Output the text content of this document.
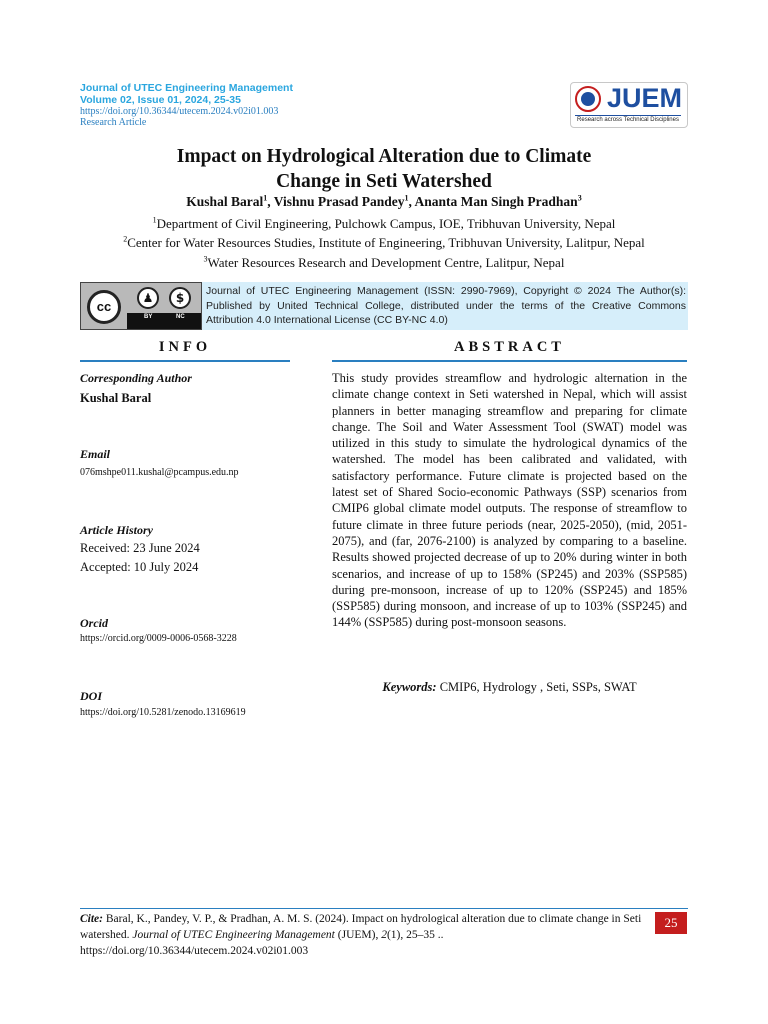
Journal of UTEC Engineering Management
Volume 02, Issue 01, 2024, 25-35
https://doi.org/10.36344/utecem.2024.v02i01.003
Research Article
JUEM
Research across Technical Disciplines
Impact on Hydrological Alteration due to Climate
Change in Seti Watershed
Kushal Baral$^1$, Vishnu Prasad Pandey$^1$, Ananta Man Singh Pradhan$^3$
$^1$Department of Civil Engineering, Pulchowk Campus, IOE, Tribhuvan University, Nepal
$^2$Center for Water Resources Studies, Institute of Engineering, Tribhuvan University, Lalitpur, Nepal
$^3$Water Resources Research and Development Centre, Lalitpur, Nepal
cc
♟	$
BY	NC
Journal of UTEC Engineering Management (ISSN: 2990-7969), Copyright © 2024 The Author(s): Published by United Technical College, distributed under the terms of the Creative Commons Attribution 4.0 International License (CC BY-NC 4.0)
INFO	ABSTRACT
Corresponding Author
Kushal Baral
Email
076mshpe011.kushal@pcampus.edu.np
Article History
Received: 23 June 2024
Accepted: 10 July 2024
Orcid
https://orcid.org/0009-0006-0568-3228
DOI
https://doi.org/10.5281/zenodo.13169619

This study provides streamflow and hydrologic alternation in the climate change context in Seti watershed in Nepal, which will assist planners in better managing streamflow and preparing for climate change. The Soil and Water Assessment Tool (SWAT) model was utilized in this study to simulate the hydrological dynamics of the watershed. The model has been calibrated and validated, with satisfactory performance. Future climate is projected based on the latest set of Shared Socio-economic Pathways (SSP) scenarios from CMIP6 global climate model outputs. The response of streamflow to future climate in three future periods (near, 2025-2050), (mid, 2051-2075), and (far, 2076-2100) is analyzed by comparing to a baseline. Results showed projected decrease of up to 20% during winter in both scenarios, and increase of up to 158% (SP245) and 203% (SSP585) during pre-monsoon, increase of up to 120% (SSP245) and 185% (SSP585) during monsoon, and increase of up to 103% (SSP245) and 144% (SSP585) during post-monsoon seasons.

Keywords: CMIP6, Hydrology , Seti, SSPs, SWAT
Cite: Baral, K., Pandey, V. P., & Pradhan, A. M. S. (2024). Impact on hydrological alteration due to climate change in Seti watershed. Journal of UTEC Engineering Management (JUEM), 2(1), 25–35 .. https://doi.org/10.36344/utecem.2024.v02i01.003
25
